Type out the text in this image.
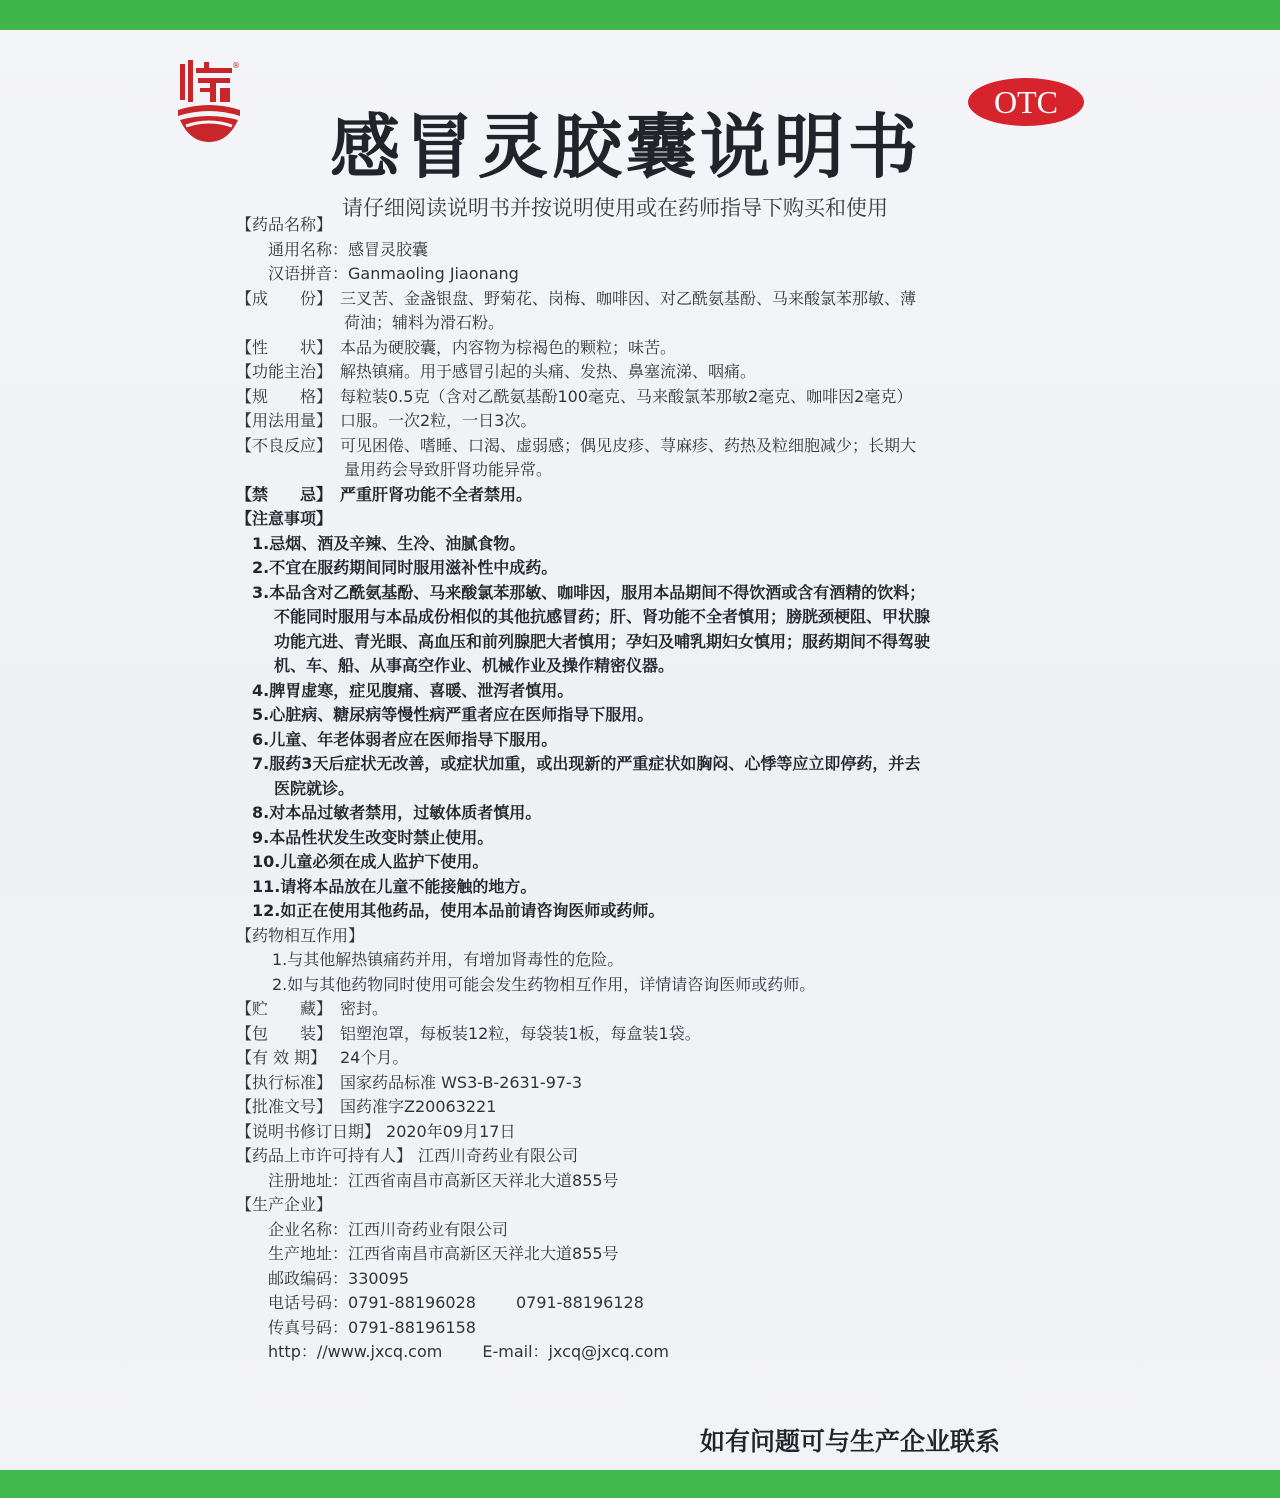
®
OTC
感冒灵胶囊说明书
请仔细阅读说明书并按说明使用或在药师指导下购买和使用
【药品名称】
通用名称：感冒灵胶囊
汉语拼音：Ganmaoling Jiaonang
【成　　份】 三叉苦、金盏银盘、野菊花、岗梅、咖啡因、对乙酰氨基酚、马来酸氯苯那敏、薄
荷油；辅料为滑石粉。
【性　　状】 本品为硬胶囊，内容物为棕褐色的颗粒；味苦。
【功能主治】 解热镇痛。用于感冒引起的头痛、发热、鼻塞流涕、咽痛。
【规　　格】 每粒装0.5克（含对乙酰氨基酚100毫克、马来酸氯苯那敏2毫克、咖啡因2毫克）
【用法用量】 口服。一次2粒，一日3次。
【不良反应】 可见困倦、嗜睡、口渴、虚弱感；偶见皮疹、荨麻疹、药热及粒细胞减少；长期大
量用药会导致肝肾功能异常。
【禁　　忌】 严重肝肾功能不全者禁用。
【注意事项】
1.忌烟、酒及辛辣、生冷、油腻食物。
2.不宜在服药期间同时服用滋补性中成药。
3.本品含对乙酰氨基酚、马来酸氯苯那敏、咖啡因，服用本品期间不得饮酒或含有酒精的饮料；
不能同时服用与本品成份相似的其他抗感冒药；肝、肾功能不全者慎用；膀胱颈梗阻、甲状腺
功能亢进、青光眼、高血压和前列腺肥大者慎用；孕妇及哺乳期妇女慎用；服药期间不得驾驶
机、车、船、从事高空作业、机械作业及操作精密仪器。
4.脾胃虚寒，症见腹痛、喜暖、泄泻者慎用。
5.心脏病、糖尿病等慢性病严重者应在医师指导下服用。
6.儿童、年老体弱者应在医师指导下服用。
7.服药3天后症状无改善，或症状加重，或出现新的严重症状如胸闷、心悸等应立即停药，并去
医院就诊。
8.对本品过敏者禁用，过敏体质者慎用。
9.本品性状发生改变时禁止使用。
10.儿童必须在成人监护下使用。
11.请将本品放在儿童不能接触的地方。
12.如正在使用其他药品，使用本品前请咨询医师或药师。
【药物相互作用】
1.与其他解热镇痛药并用，有增加肾毒性的危险。
2.如与其他药物同时使用可能会发生药物相互作用，详情请咨询医师或药师。
【贮　　藏】 密封。
【包　　装】 铝塑泡罩，每板装12粒，每袋装1板，每盒装1袋。
【有 效 期】 24个月。
【执行标准】 国家药品标准 WS3-B-2631-97-3
【批准文号】 国药准字Z20063221
【说明书修订日期】 2020年09月17日
【药品上市许可持有人】 江西川奇药业有限公司
注册地址：江西省南昌市高新区天祥北大道855号
【生产企业】
企业名称：江西川奇药业有限公司
生产地址：江西省南昌市高新区天祥北大道855号
邮政编码：330095
电话号码：0791-88196028	0791-88196128
传真号码：0791-88196158
http：//www.jxcq.com	E-mail：jxcq@jxcq.com
如有问题可与生产企业联系
